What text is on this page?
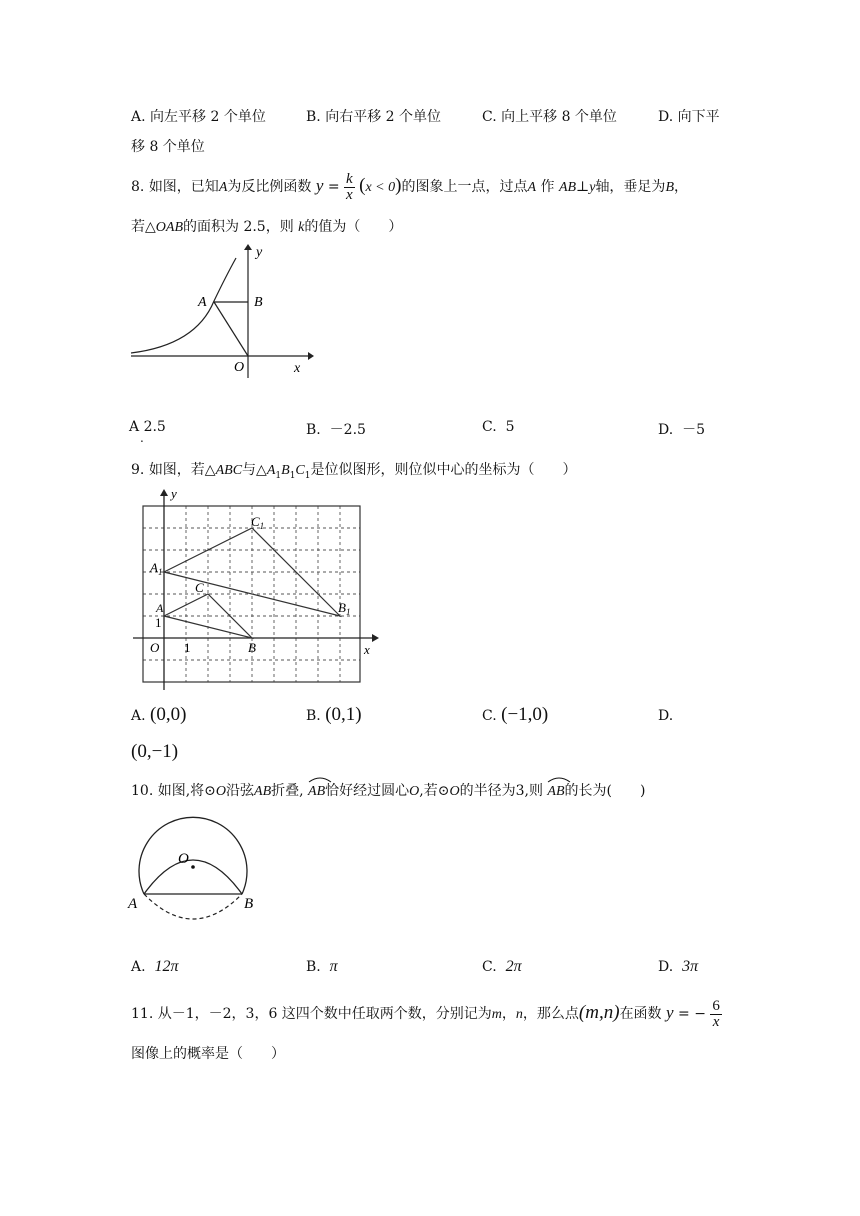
A. 向左平移 2 个单位	B. 向右平移 2 个单位	C. 向上平移 8 个单位	D. 向下平
移 8 个单位
8. 如图，已知A为反比例函数 $y = \frac{k}{x} (x < 0)$的图象上一点，过点A 作 AB⊥y轴，垂足为B，
若△OAB的面积为 2.5，则 k的值为（　　）
A	B
O	x
y
A 2.5
.	B. －2.5	C. 5	D. －5
9. 如图，若△ABC与$\triangle A_1B_1C_1$是位似图形，则位似中心的坐标为（　　）
$C_1$
$A_1$
C
A
1
$B_1$
O 1	B	x
y
A. (0,0)	B. (0,1)	C. (−1,0)	D.
(0,−1)
10. 如图,将⊙O沿弦AB折叠, AB恰好经过圆心O,若⊙O的半径为3,则 AB的长为(　　)
O
A	B
A. 12π	B. π	C. 2π	D. 3π
11. 从－1，－2，3，6 这四个数中任取两个数，分别记为m，n，那么点(m,n)在函数 y = − $\frac{6}{x}$
图像上的概率是（　　）
